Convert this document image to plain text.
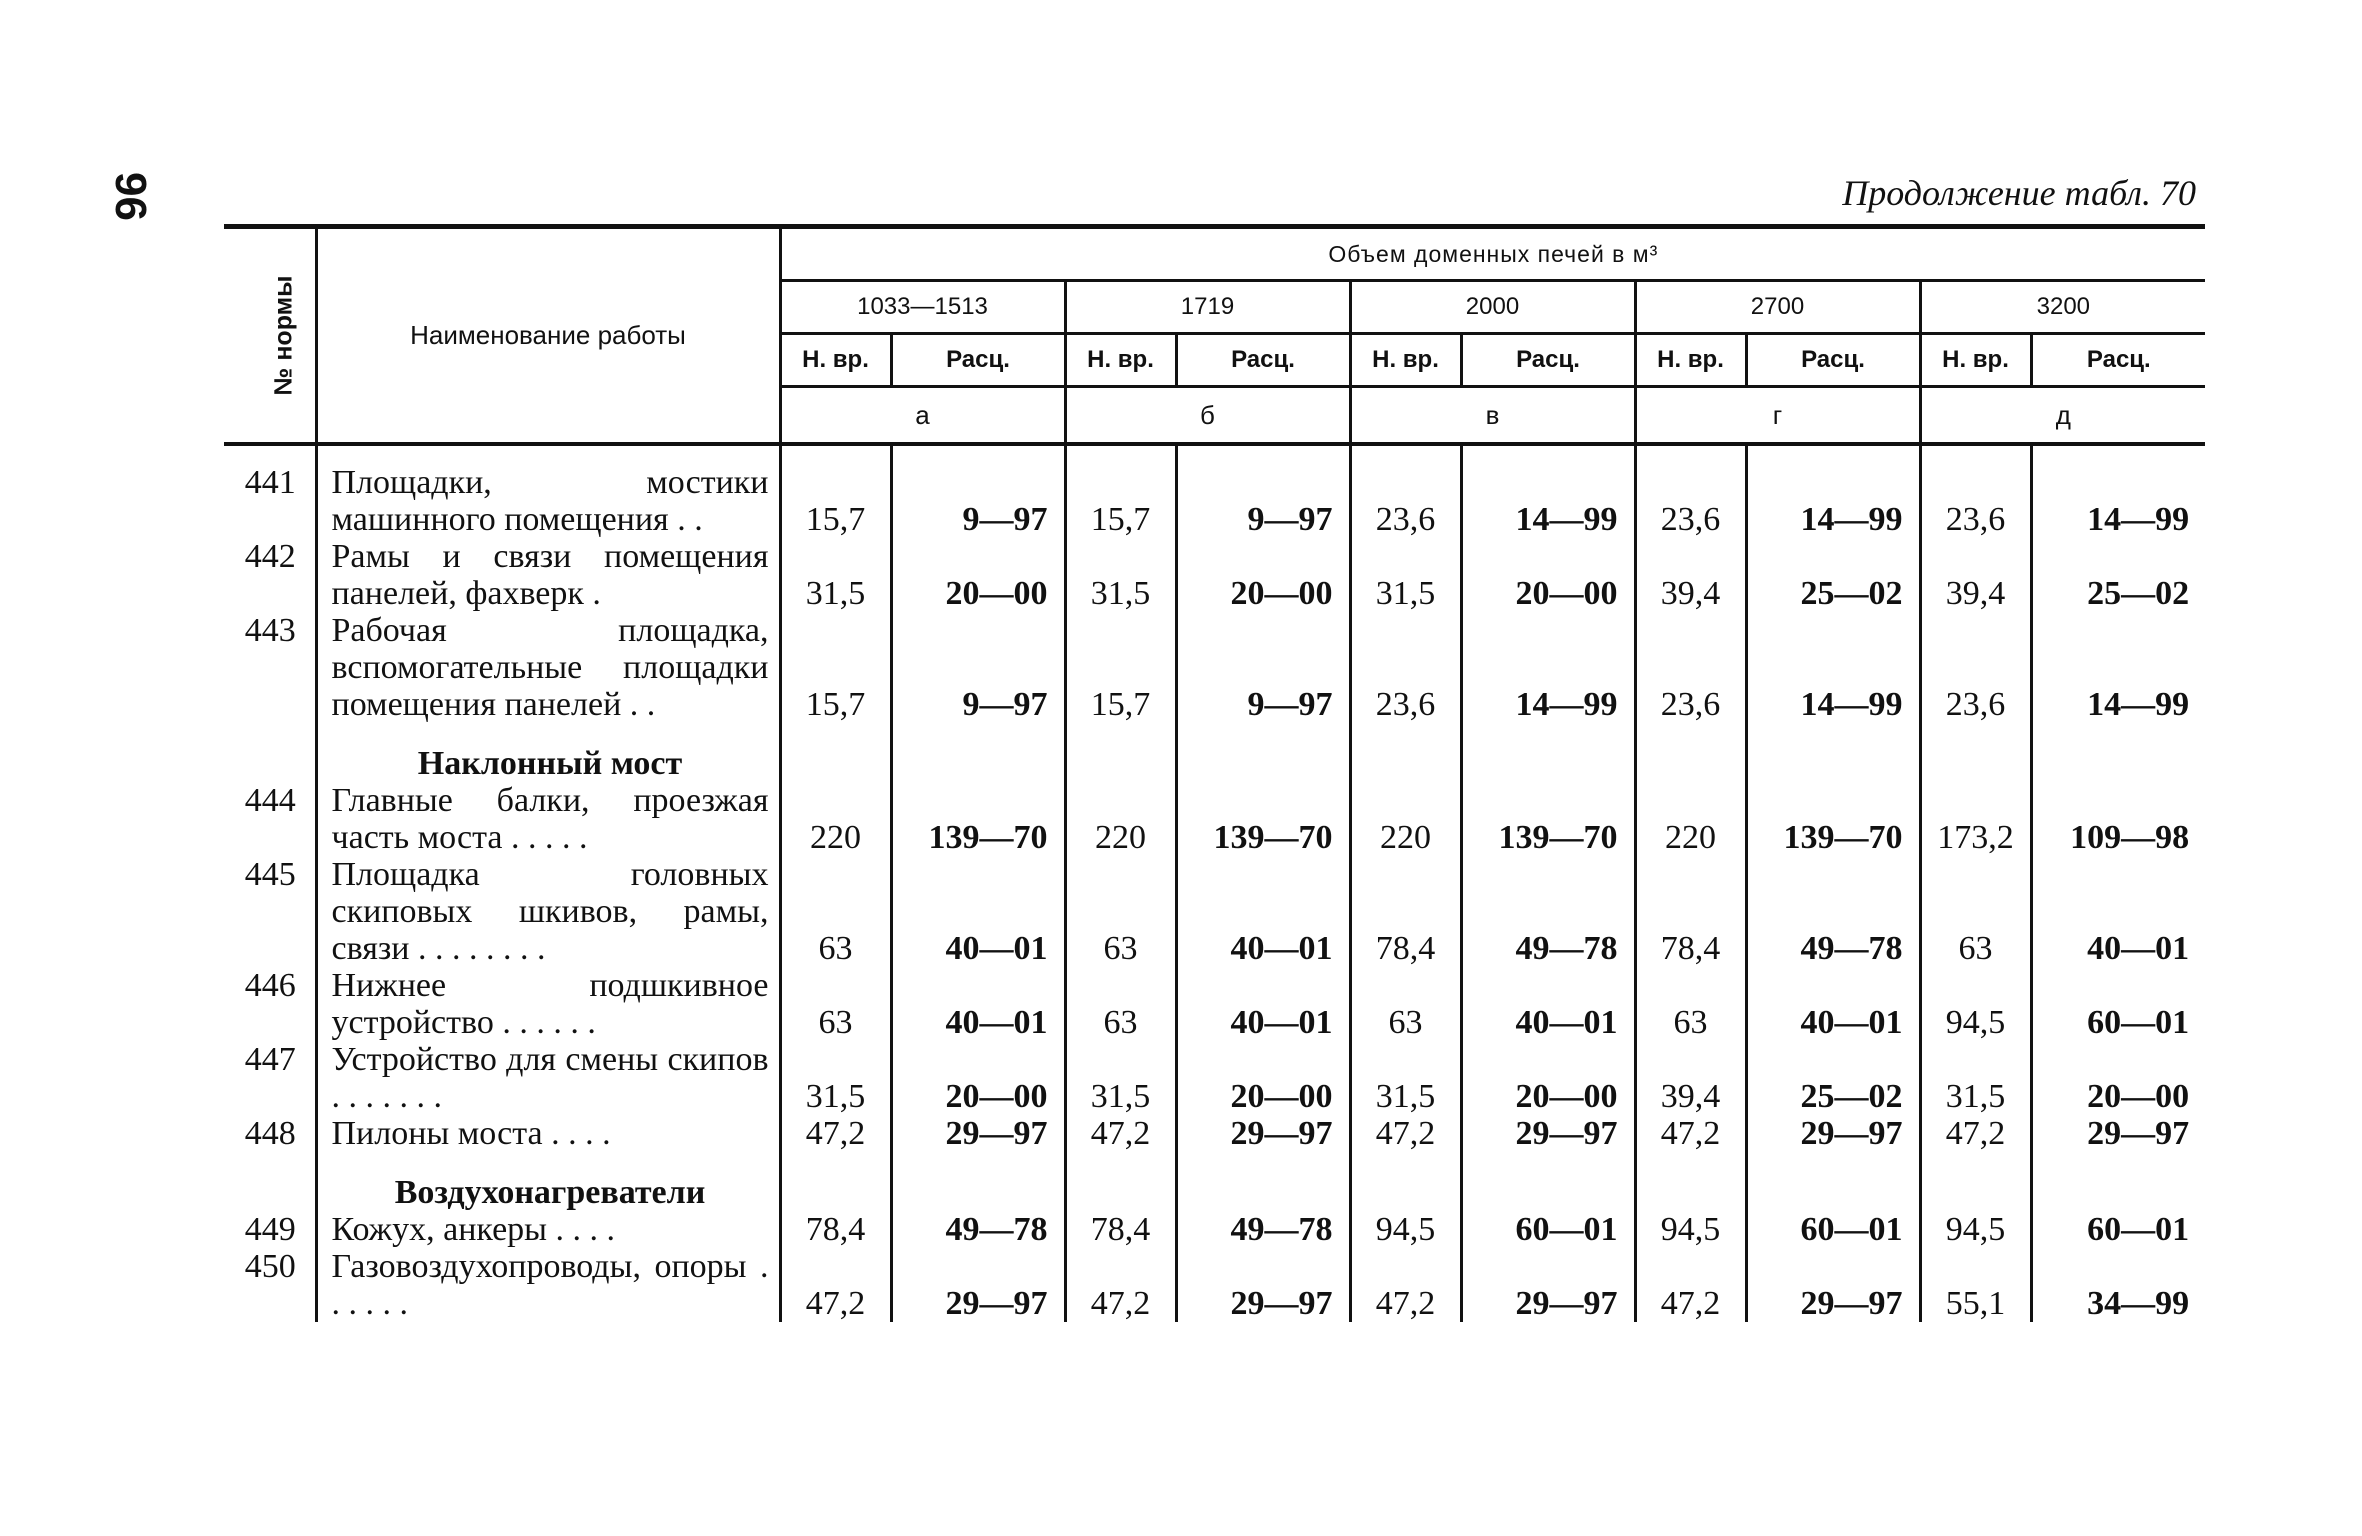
96	Продолжение табл. 70
№ нормы	Наименование работы	Объем доменных печей в м³									
		1033—1513		1719		2000		2700		3200	
		Н. вр.	Расц.	Н. вр.	Расц.	Н. вр.	Расц.	Н. вр.	Расц.	Н. вр.	Расц.
		а		б		в		г		д	
441	Площадки, мостики машинного помещения . .	15,7	9—97	15,7	9—97	23,6	14—99	23,6	14—99	23,6	14—99
442	Рамы и связи помещения панелей, фахверк .	31,5	20—00	31,5	20—00	31,5	20—00	39,4	25—02	39,4	25—02
443	Рабочая площадка, вспомогательные площадки помещения панелей . .	15,7	9—97	15,7	9—97	23,6	14—99	23,6	14—99	23,6	14—99
	Наклонный мост										
444	Главные балки, проезжая часть моста . . . . .	220	139—70	220	139—70	220	139—70	220	139—70	173,2	109—98
445	Площадка головных скиповых шкивов, рамы, связи . . . . . . . .	63	40—01	63	40—01	78,4	49—78	78,4	49—78	63	40—01
446	Нижнее подшкивное устройство . . . . . .	63	40—01	63	40—01	63	40—01	63	40—01	94,5	60—01
447	Устройство для смены скипов . . . . . . .	31,5	20—00	31,5	20—00	31,5	20—00	39,4	25—02	31,5	20—00
448	Пилоны моста . . . .	47,2	29—97	47,2	29—97	47,2	29—97	47,2	29—97	47,2	29—97
	Воздухонагреватели										
449	Кожух, анкеры . . . .	78,4	49—78	78,4	49—78	94,5	60—01	94,5	60—01	94,5	60—01
450	Газовоздухопроводы, опоры . . . . . .	47,2	29—97	47,2	29—97	47,2	29—97	47,2	29—97	55,1	34—99
